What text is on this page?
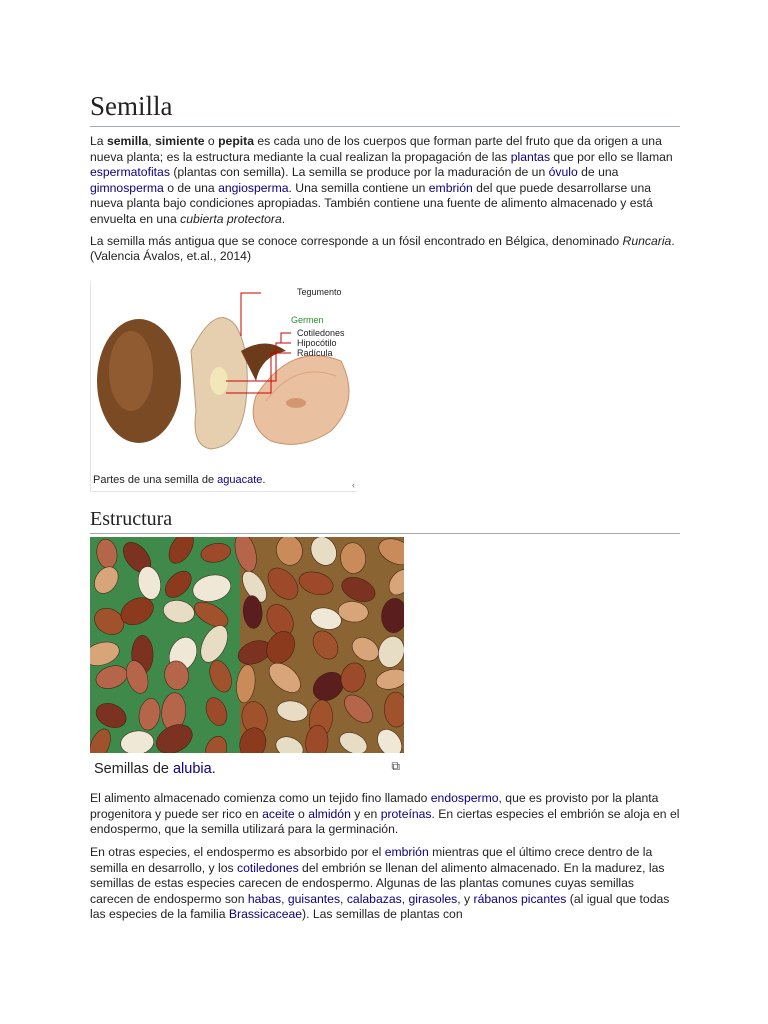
Semilla

La semilla, simiente o pepita es cada uno de los cuerpos que forman parte del fruto que da origen a una nueva planta; es la estructura mediante la cual realizan la propagación de las plantas que por ello se llaman espermatofitas (plantas con semilla). La semilla se produce por la maduración de un óvulo de una gimnosperma o de una angiosperma. Una semilla contiene un embrión del que puede desarrollarse una nueva planta bajo condiciones apropiadas. También contiene una fuente de alimento almacenado y está envuelta en una cubierta protectora.

La semilla más antigua que se conoce corresponde a un fósil encontrado en Bélgica, denominado Runcaria. (Valencia Ávalos, et.al., 2014)

Tegumento
Germen
Cotiledones
Hipocótilo
Radícula
Partes de una semilla de aguacate.	‹
Estructura
Semillas de alubia.	⧉

El alimento almacenado comienza como un tejido fino llamado endospermo, que es provisto por la planta progenitora y puede ser rico en aceite o almidón y en proteínas. En ciertas especies el embrión se aloja en el endospermo, que la semilla utilizará para la germinación.

En otras especies, el endospermo es absorbido por el embrión mientras que el último crece dentro de la semilla en desarrollo, y los cotiledones del embrión se llenan del alimento almacenado. En la madurez, las semillas de estas especies carecen de endospermo. Algunas de las plantas comunes cuyas semillas carecen de endospermo son habas, guisantes, calabazas, girasoles, y rábanos picantes (al igual que todas las especies de la familia Brassicaceae). Las semillas de plantas con
